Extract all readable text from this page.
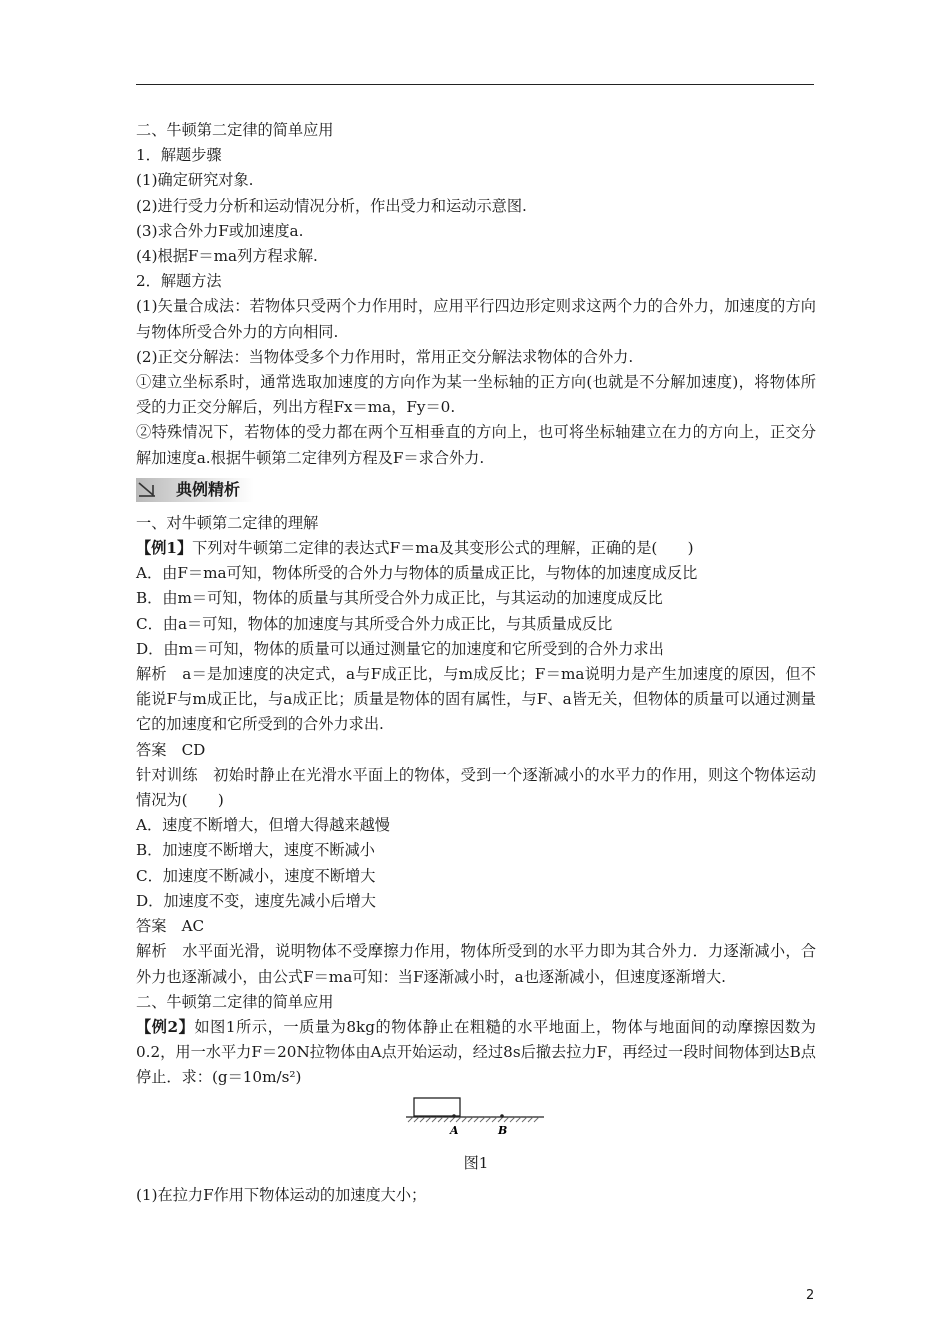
二、牛顿第二定律的简单应用

1．解题步骤

(1)确定研究对象.

(2)进行受力分析和运动情况分析，作出受力和运动示意图.

(3)求合外力F或加速度a.

(4)根据F＝ma列方程求解.

2．解题方法

(1)矢量合成法：若物体只受两个力作用时，应用平行四边形定则求这两个力的合外力，加速度的方向与物体所受合外力的方向相同.

(2)正交分解法：当物体受多个力作用时，常用正交分解法求物体的合外力.

①建立坐标系时，通常选取加速度的方向作为某一坐标轴的正方向(也就是不分解加速度)，将物体所受的力正交分解后，列出方程Fx＝ma，Fy＝0.

②特殊情况下，若物体的受力都在两个互相垂直的方向上，也可将坐标轴建立在力的方向上，正交分解加速度a.根据牛顿第二定律列方程及F＝求合外力.

典例精析

一、对牛顿第二定律的理解

【例1】下列对牛顿第二定律的表达式F＝ma及其变形公式的理解，正确的是(　　)

A．由F＝ma可知，物体所受的合外力与物体的质量成正比，与物体的加速度成反比

B．由m＝可知，物体的质量与其所受合外力成正比，与其运动的加速度成反比

C．由a＝可知，物体的加速度与其所受合外力成正比，与其质量成反比

D．由m＝可知，物体的质量可以通过测量它的加速度和它所受到的合外力求出

解析　a＝是加速度的决定式，a与F成正比，与m成反比；F＝ma说明力是产生加速度的原因，但不能说F与m成正比，与a成正比；质量是物体的固有属性，与F、a皆无关，但物体的质量可以通过测量它的加速度和它所受到的合外力求出.

答案　CD

针对训练　初始时静止在光滑水平面上的物体，受到一个逐渐减小的水平力的作用，则这个物体运动情况为(　　)

A．速度不断增大，但增大得越来越慢

B．加速度不断增大，速度不断减小

C．加速度不断减小，速度不断增大

D．加速度不变，速度先减小后增大

答案　AC

解析　水平面光滑，说明物体不受摩擦力作用，物体所受到的水平力即为其合外力．力逐渐减小，合外力也逐渐减小，由公式F＝ma可知：当F逐渐减小时，a也逐渐减小，但速度逐渐增大.

二、牛顿第二定律的简单应用

【例2】如图1所示，一质量为8kg的物体静止在粗糙的水平地面上，物体与地面间的动摩擦因数为0.2，用一水平力F＝20N拉物体由A点开始运动，经过8s后撤去拉力F，再经过一段时间物体到达B点停止．求：(g＝10m/s²)

A	B
图1

(1)在拉力F作用下物体运动的加速度大小；

2
